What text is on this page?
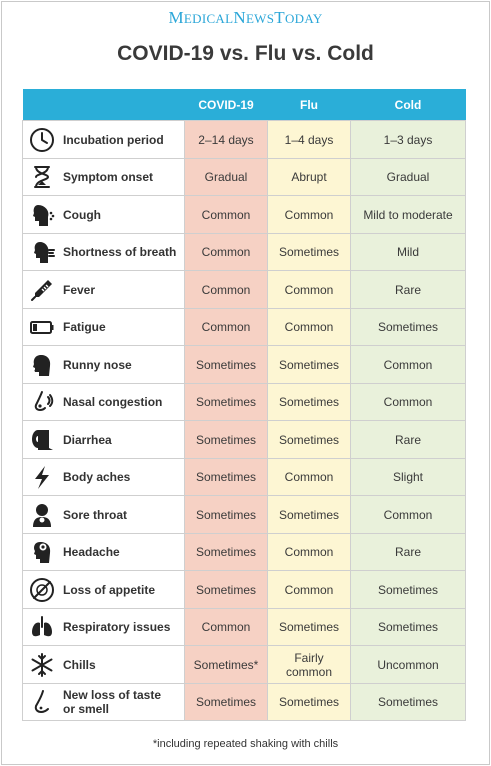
MEDICALNEWSTODAY
COVID-19 vs. Flu vs. Cold
	COVID-19	Flu	Cold

Incubation period	2–14 days	1–4 days	1–3 days

Symptom onset	Gradual	Abrupt	Gradual

Cough	Common	Common	Mild to moderate

Shortness of breath	Common	Sometimes	Mild

Fever	Common	Common	Rare

Fatigue	Common	Common	Sometimes

Runny nose	Sometimes	Sometimes	Common

Nasal congestion	Sometimes	Sometimes	Common

Diarrhea	Sometimes	Sometimes	Rare

Body aches	Sometimes	Common	Slight

Sore throat	Sometimes	Sometimes	Common

Headache	Sometimes	Common	Rare

Loss of appetite	Sometimes	Common	Sometimes

Respiratory issues	Common	Sometimes	Sometimes

Chills	Sometimes*	Fairly common	Uncommon

New loss of taste or smell	Sometimes	Sometimes	Sometimes
*including repeated shaking with chills
